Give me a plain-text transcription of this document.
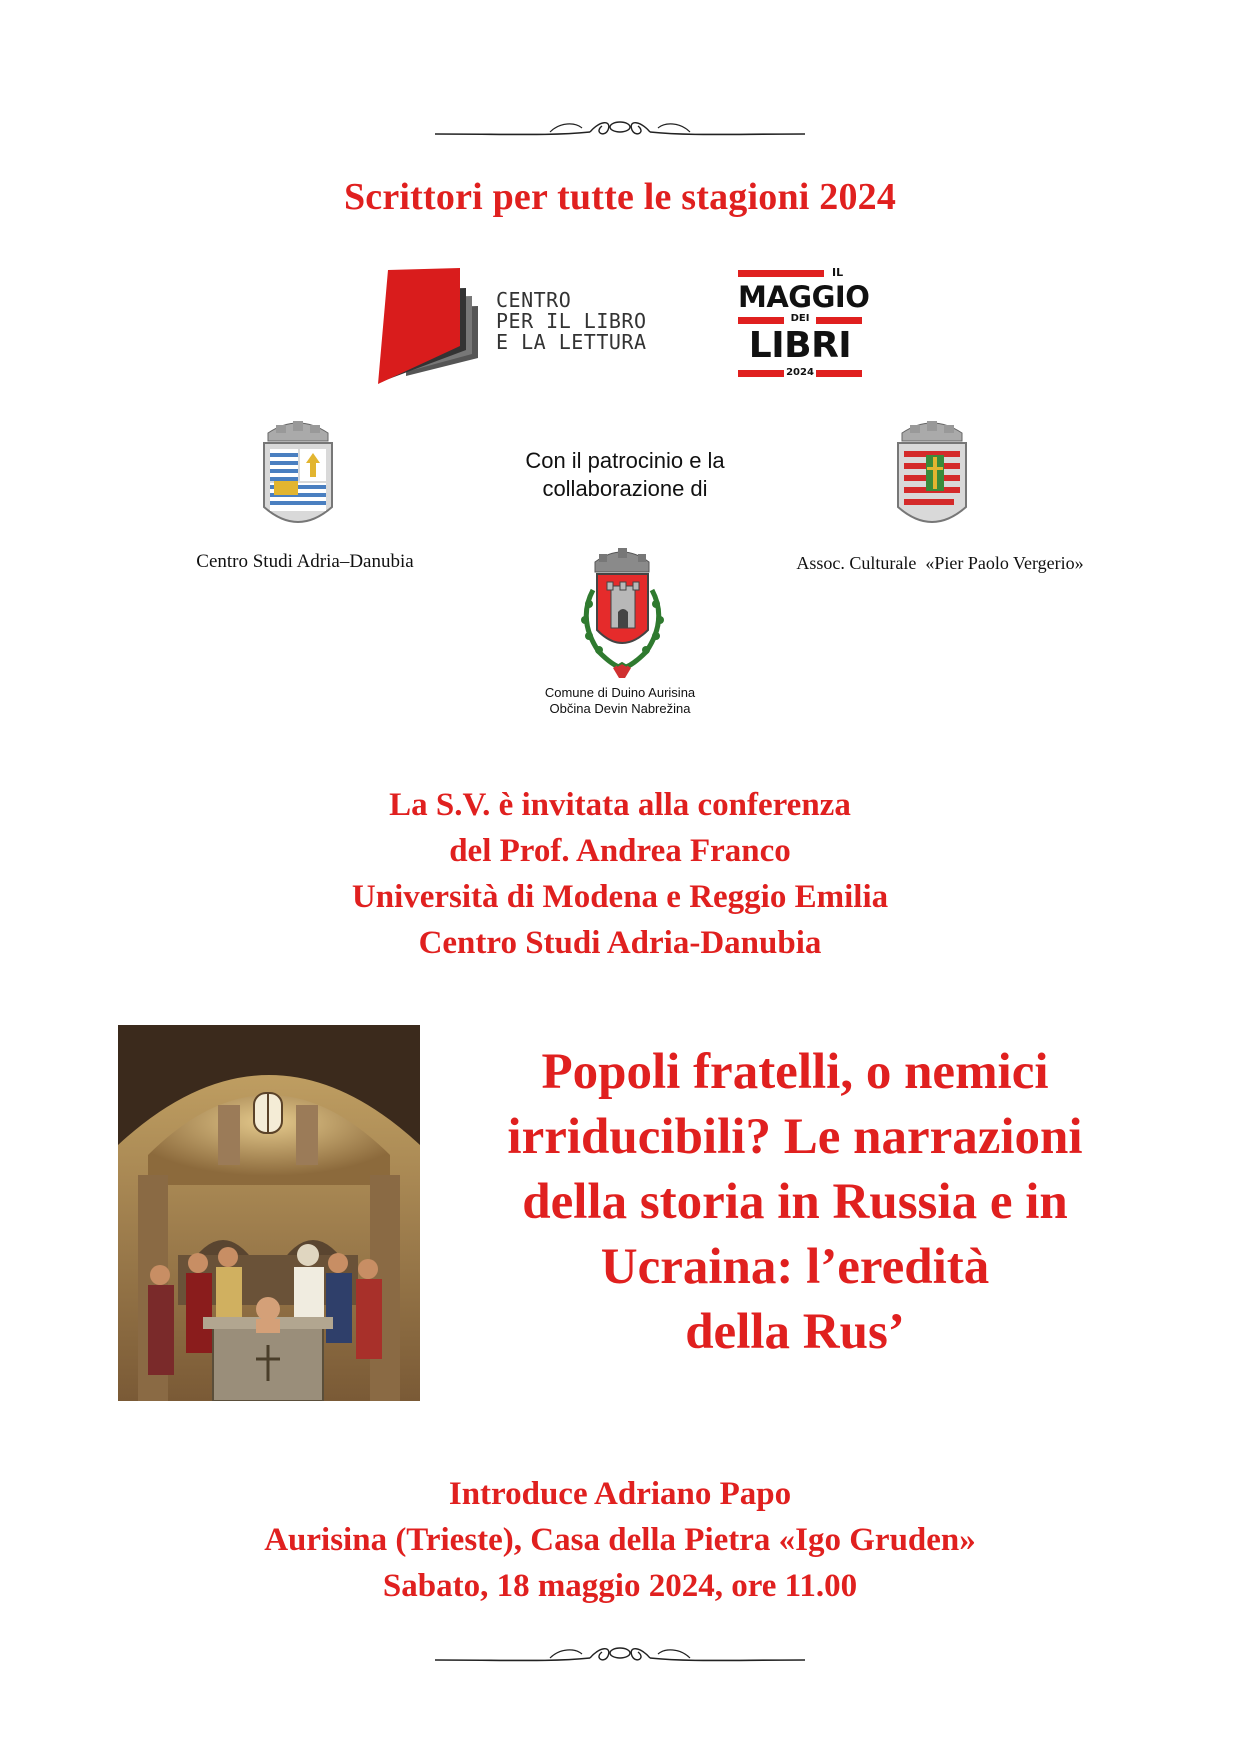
Scrittori per tutte le stagioni 2024
CENTRO
PER IL LIBRO
E LA LETTURA
IL
MAGGIO
DEI
LIBRI
2024
Con il patrocinio e la
collaborazione di
Centro Studi Adria–Danubia	Assoc. Culturale  «Pier Paolo Vergerio»
Comune di Duino Aurisina
Občina Devin Nabrežina
La S.V. è invitata alla conferenza
del Prof. Andrea Franco
Università di Modena e Reggio Emilia
Centro Studi Adria-Danubia
Popoli fratelli, o nemici
irriducibili? Le narrazioni
della storia in Russia e in
Ucraina: l’eredità
della Rus’
Introduce Adriano Papo
Aurisina (Trieste), Casa della Pietra «Igo Gruden»
Sabato, 18 maggio 2024, ore 11.00
